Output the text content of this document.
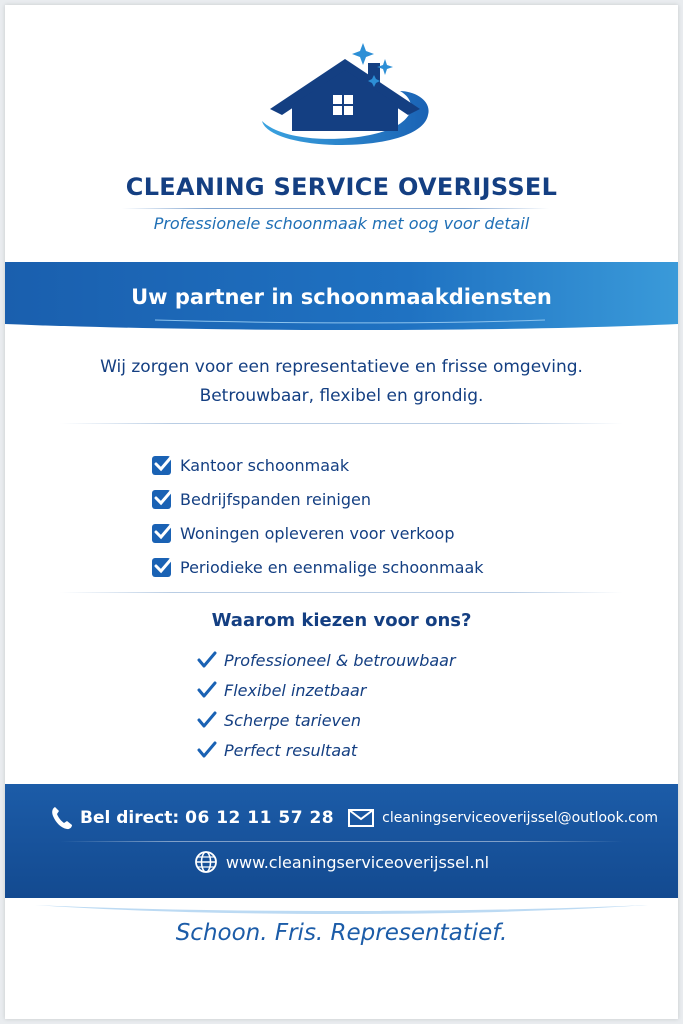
CLEANING SERVICE OVERIJSSEL
Professionele schoonmaak met oog voor detail
Uw partner in schoonmaakdiensten
Wij zorgen voor een representatieve en frisse omgeving.
Betrouwbaar, flexibel en grondig.
Kantoor schoonmaak
Bedrijfspanden reinigen
Woningen opleveren voor verkoop
Periodieke en eenmalige schoonmaak
Waarom kiezen voor ons?
Professioneel & betrouwbaar
Flexibel inzetbaar
Scherpe tarieven
Perfect resultaat
Bel direct: 06 12 11 57 28	cleaningserviceoverijssel@outlook.com
www.cleaningserviceoverijssel.nl
Schoon. Fris. Representatief.
